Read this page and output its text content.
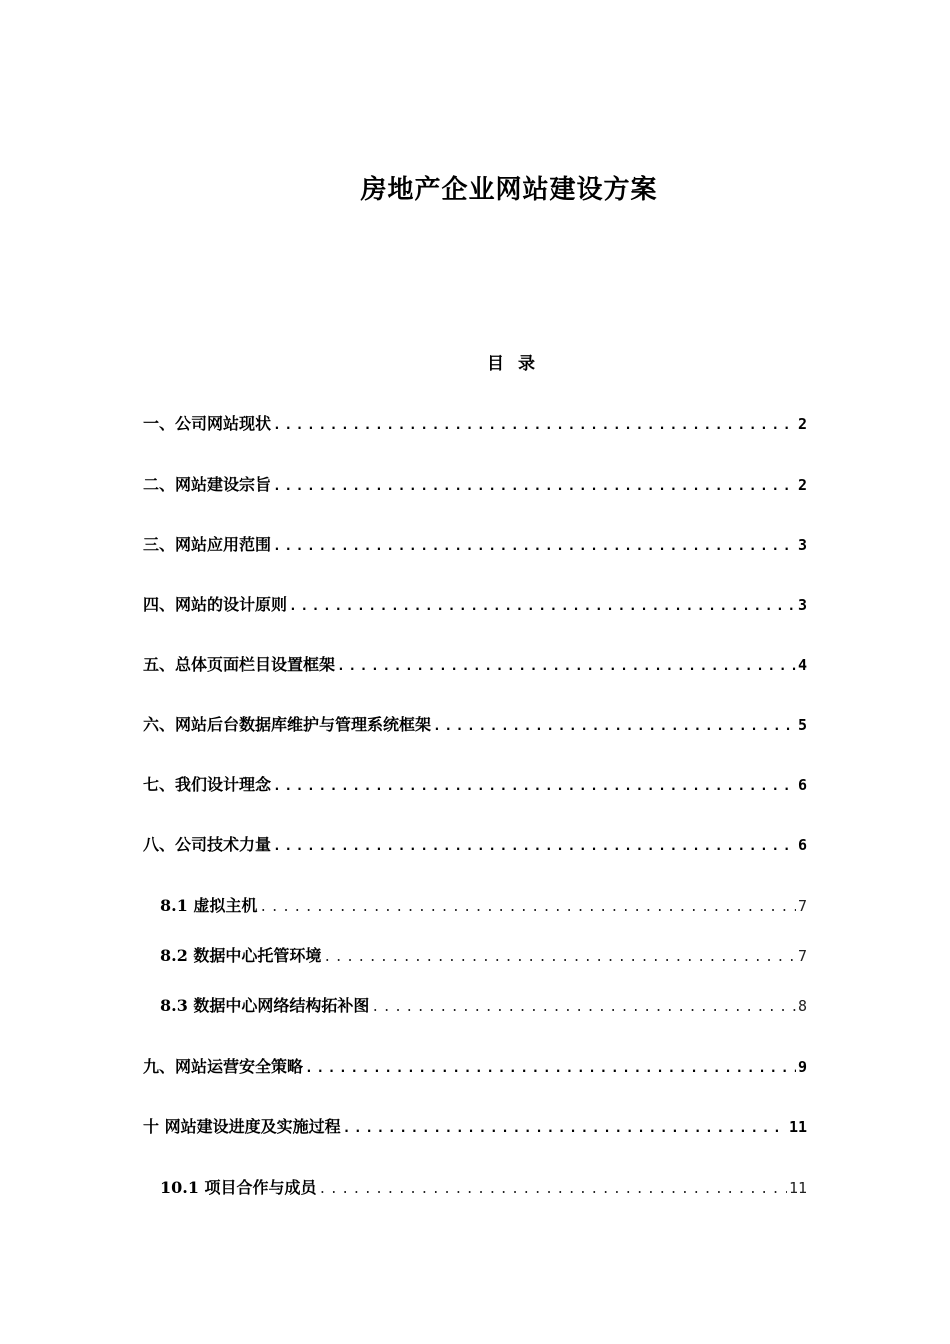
房地产企业网站建设方案
目 录
一、公司网站现状 .....	2
二、网站建设宗旨 .....	2
三、网站应用范围 .....	3
四、网站的设计原则 .....	3
五、总体页面栏目设置框架 .....	4
六、网站后台数据库维护与管理系统框架 .....	5
七、我们设计理念 .....	6
八、公司技术力量 .....	6
8.1 虚拟主机 .....	7
8.2 数据中心托管环境 .....	7
8.3 数据中心网络结构拓补图 .....	8
九、网站运营安全策略 .....	9
十 网站建设进度及实施过程 .....	11
10.1 项目合作与成员 .....	11
